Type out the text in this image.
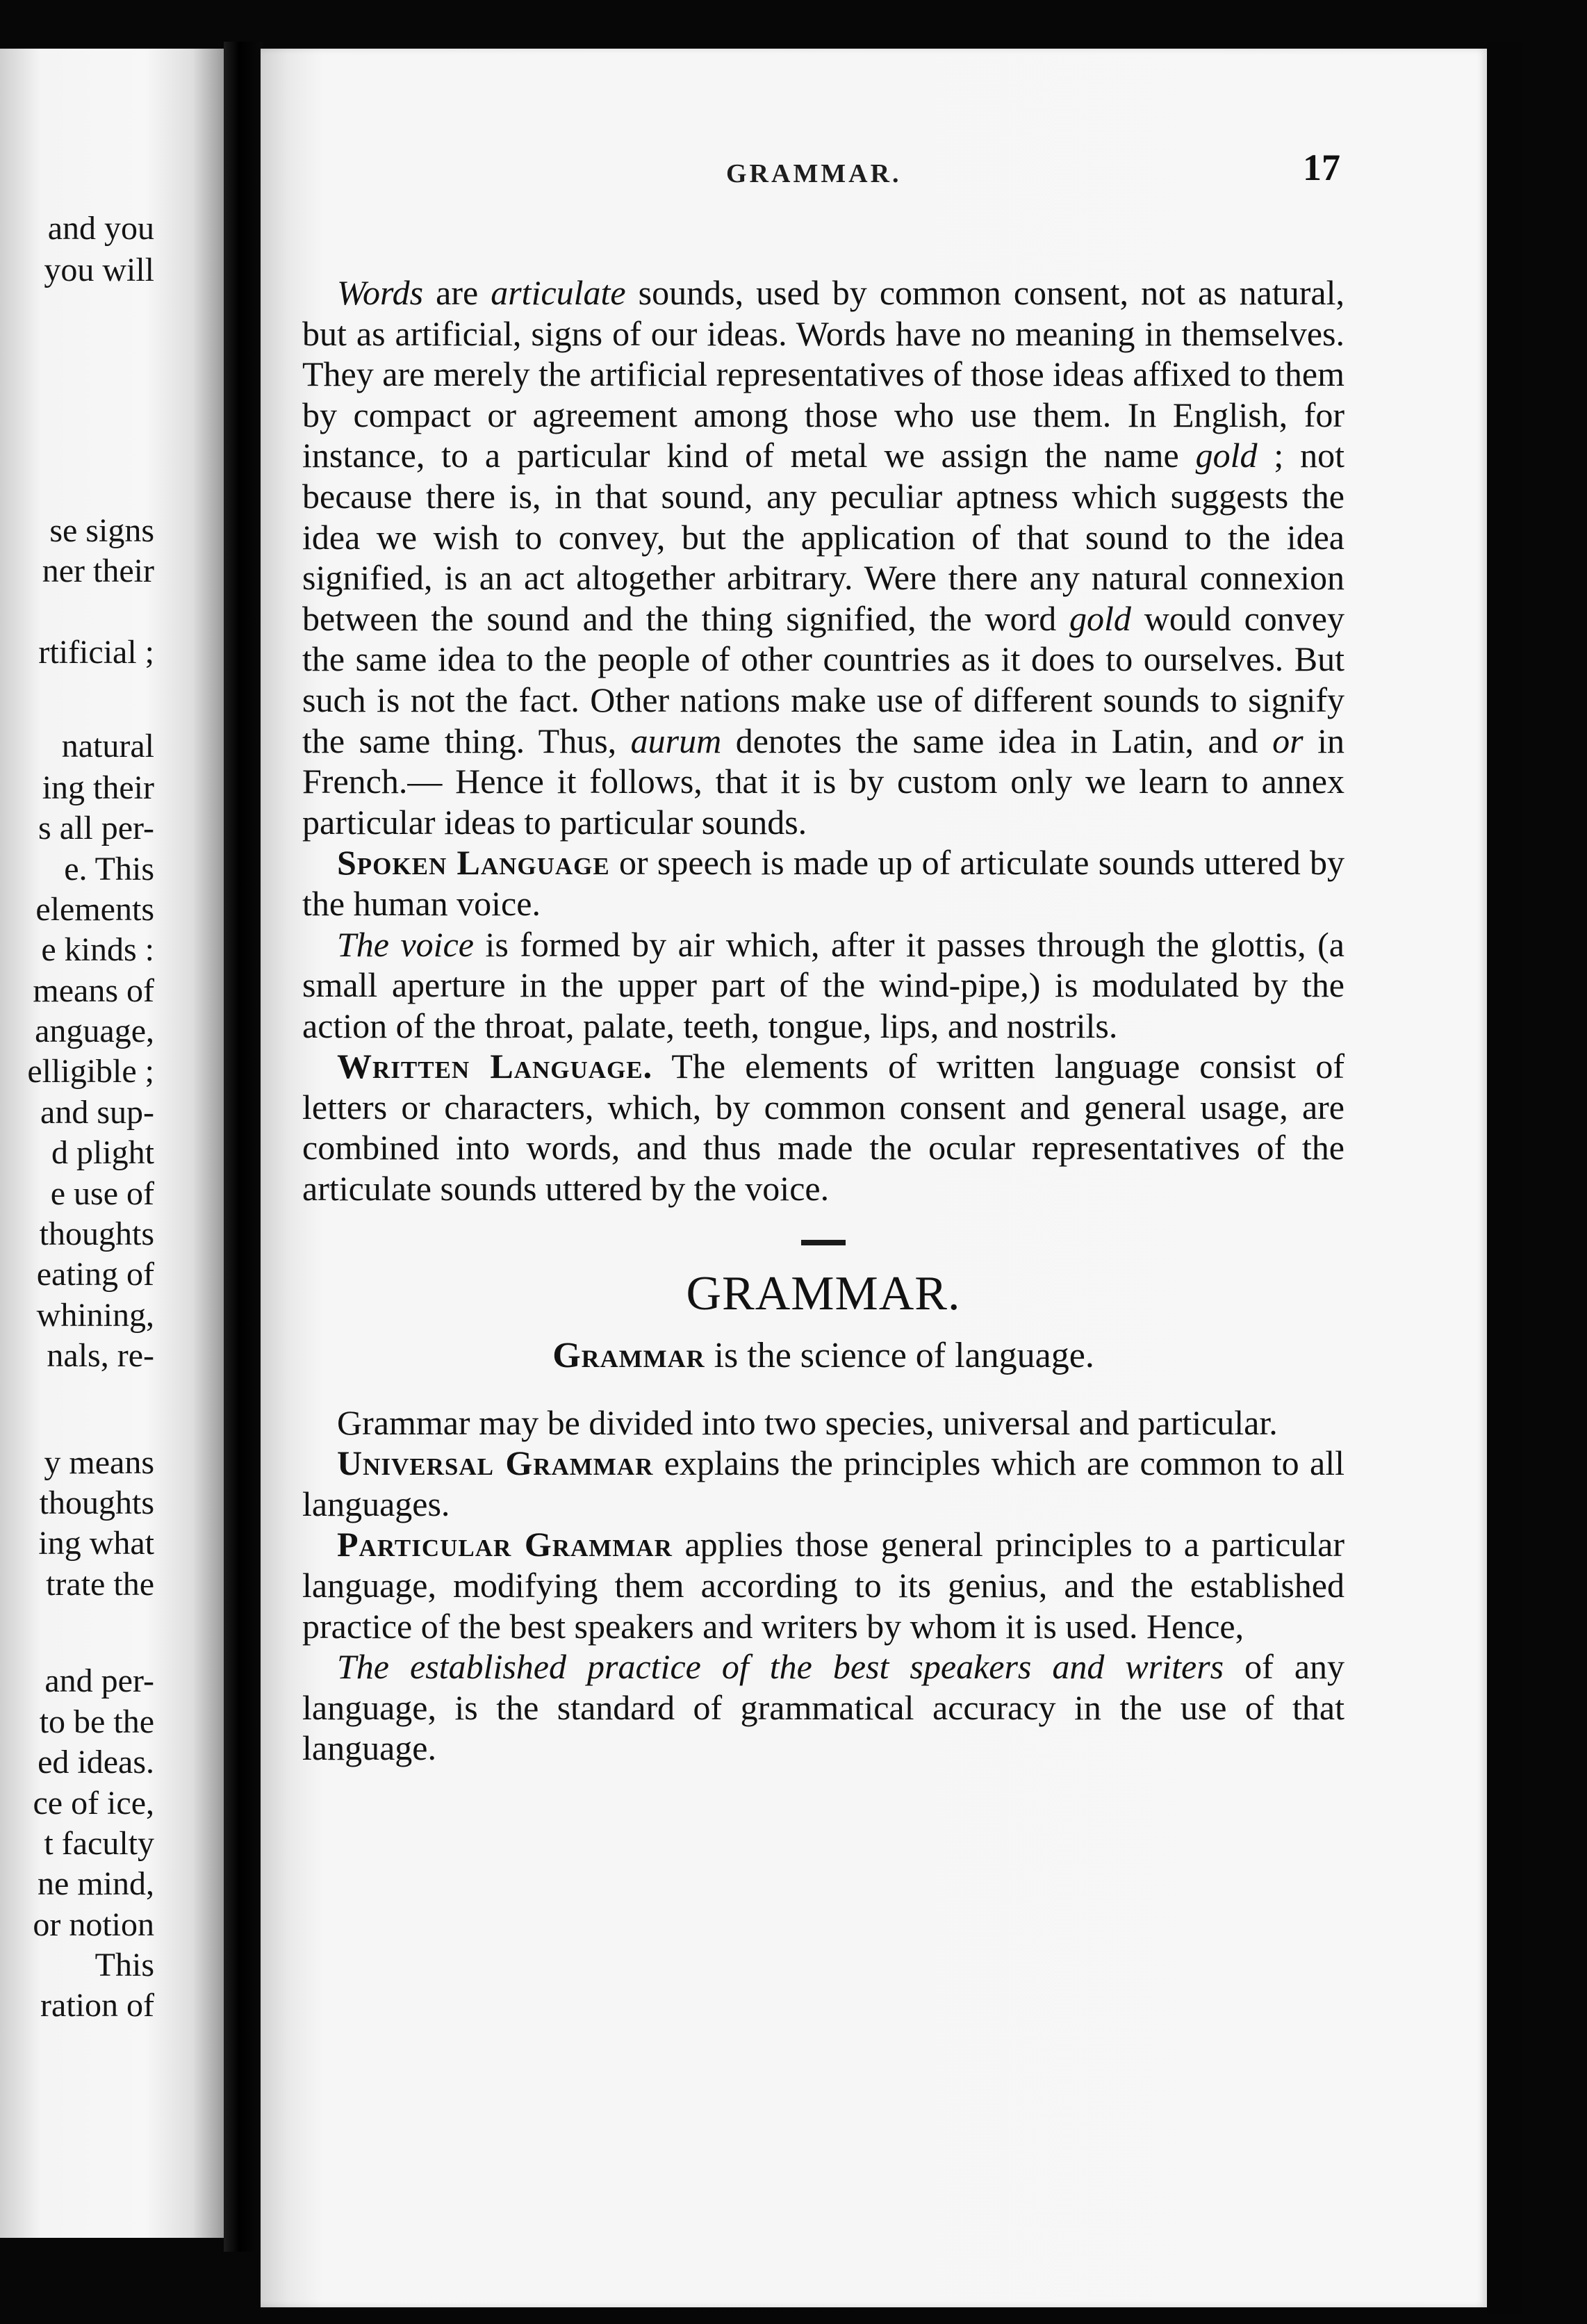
and you
you will
se signs
ner their
rtificial ;
natural
ing their
s all per-
e. This
elements
e kinds :
means of
anguage,
elligible ;
and sup-
d plight
e use of
thoughts
eating of
whining,
nals, re-
y means
thoughts
ing what
trate the
and per-
to be the
ed ideas.
ce of ice,
t faculty
ne mind,
or notion
This
ration of
GRAMMAR.	17

Words are articulate sounds, used by common consent, not as natural, but as artificial, signs of our ideas. Words have no meaning in themselves. They are merely the artificial representatives of those ideas affixed to them by compact or agreement among those who use them. In English, for instance, to a particular kind of metal we assign the name gold ; not because there is, in that sound, any peculiar aptness which suggests the idea we wish to convey, but the application of that sound to the idea signified, is an act altogether arbitrary. Were there any natural connexion between the sound and the thing signified, the word gold would convey the same idea to the people of other countries as it does to ourselves. But such is not the fact. Other nations make use of different sounds to signify the same thing. Thus, aurum denotes the same idea in Latin, and or in French.— Hence it follows, that it is by custom only we learn to annex particular ideas to particular sounds.

Spoken Language or speech is made up of articulate sounds uttered by the human voice.

The voice is formed by air which, after it passes through the glottis, (a small aperture in the upper part of the wind-pipe,) is modulated by the action of the throat, palate, teeth, tongue, lips, and nostrils.

Written Language. The elements of written language consist of letters or characters, which, by common consent and general usage, are combined into words, and thus made the ocular representatives of the articulate sounds uttered by the voice.

GRAMMAR.

Grammar is the science of language.

Grammar may be divided into two species, universal and particular.

Universal Grammar explains the principles which are common to all languages.

Particular Grammar applies those general principles to a particular language, modifying them according to its genius, and the established practice of the best speakers and writers by whom it is used. Hence,

The established practice of the best speakers and writers of any language, is the standard of grammatical accuracy in the use of that language.
